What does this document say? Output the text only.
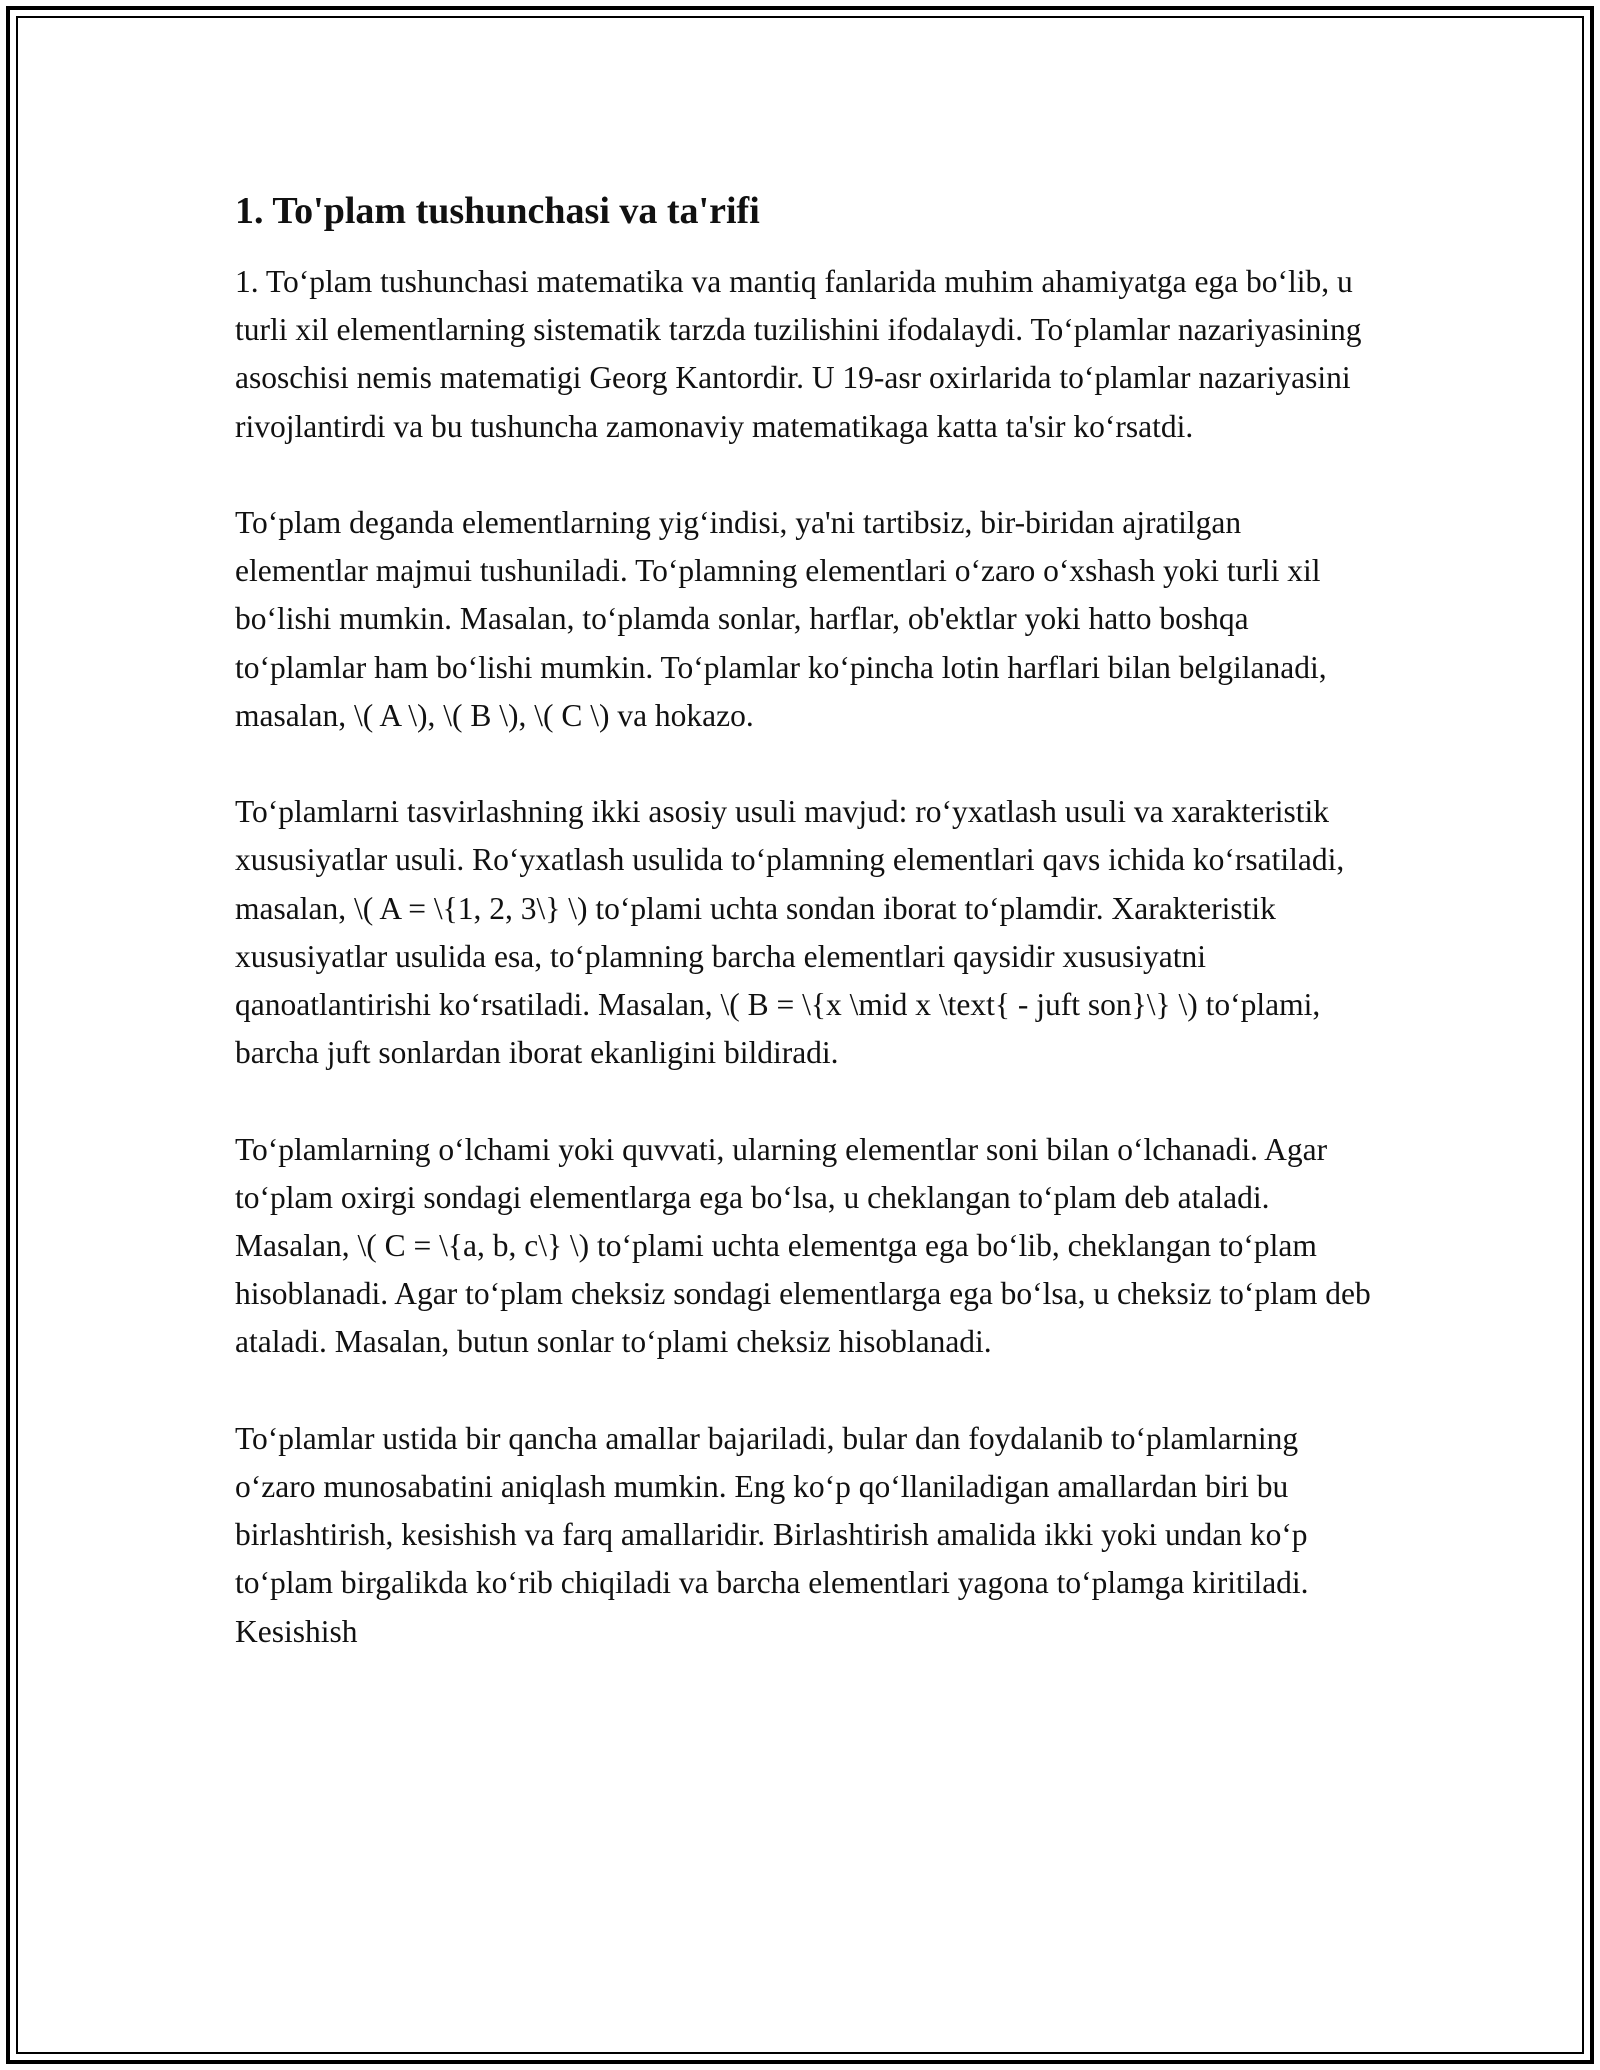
1. To'plam tushunchasi va ta'rifi

1. To‘plam tushunchasi matematika va mantiq fanlarida muhim ahamiyatga ega bo‘lib, u turli xil elementlarning sistematik tarzda tuzilishini ifodalaydi. To‘plamlar nazariyasining asoschisi nemis matematigi Georg Kantordir. U 19-asr oxirlarida to‘plamlar nazariyasini rivojlantirdi va bu tushuncha zamonaviy matematikaga katta ta'sir ko‘rsatdi.

To‘plam deganda elementlarning yig‘indisi, ya'ni tartibsiz, bir-biridan ajratilgan elementlar majmui tushuniladi. To‘plamning elementlari o‘zaro o‘xshash yoki turli xil bo‘lishi mumkin. Masalan, to‘plamda sonlar, harflar, ob'ektlar yoki hatto boshqa to‘plamlar ham bo‘lishi mumkin. To‘plamlar ko‘pincha lotin harflari bilan belgilanadi, masalan, \( A \), \( B \), \( C \) va hokazo.

To‘plamlarni tasvirlashning ikki asosiy usuli mavjud: ro‘yxatlash usuli va xarakteristik xususiyatlar usuli. Ro‘yxatlash usulida to‘plamning elementlari qavs ichida ko‘rsatiladi, masalan, \( A = \{1, 2, 3\} \) to‘plami uchta sondan iborat to‘plamdir. Xarakteristik xususiyatlar usulida esa, to‘plamning barcha elementlari qaysidir xususiyatni qanoatlantirishi ko‘rsatiladi. Masalan, \( B = \{x \mid x \text{ - juft son}\} \) to‘plami, barcha juft sonlardan iborat ekanligini bildiradi.

To‘plamlarning o‘lchami yoki quvvati, ularning elementlar soni bilan o‘lchanadi. Agar to‘plam oxirgi sondagi elementlarga ega bo‘lsa, u cheklangan to‘plam deb ataladi. Masalan, \( C = \{a, b, c\} \) to‘plami uchta elementga ega bo‘lib, cheklangan to‘plam hisoblanadi. Agar to‘plam cheksiz sondagi elementlarga ega bo‘lsa, u cheksiz to‘plam deb ataladi. Masalan, butun sonlar to‘plami cheksiz hisoblanadi.

To‘plamlar ustida bir qancha amallar bajariladi, bular dan foydalanib to‘plamlarning o‘zaro munosabatini aniqlash mumkin. Eng ko‘p qo‘llaniladigan amallardan biri bu birlashtirish, kesishish va farq amallaridir. Birlashtirish amalida ikki yoki undan ko‘p to‘plam birgalikda ko‘rib chiqiladi va barcha elementlari yagona to‘plamga kiritiladi. Kesishish
